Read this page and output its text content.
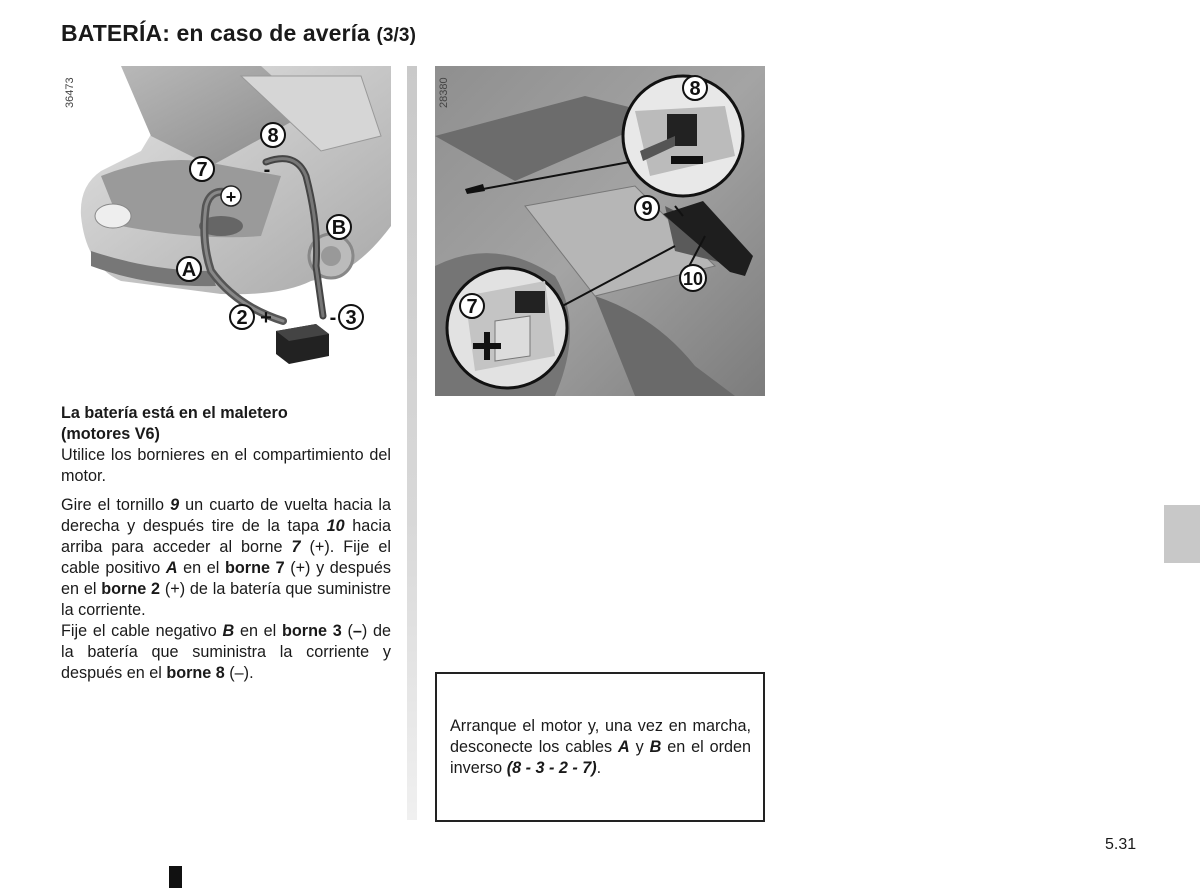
BATERÍA: en caso de avería (3/3)
36473
+
-
7
8
A
B
2 +	- 3
28380	8
9
10
7

La batería está en el maletero
(motores V6)

Utilice los bornieres en el compartimiento del motor.

Gire el tornillo 9 un cuarto de vuelta hacia la derecha y después tire de la tapa 10 hacia arriba para acceder al borne 7 (+). Fije el cable positivo A en el borne 7 (+) y después en el borne 2 (+) de la batería que suministre la corriente.

Fije el cable negativo B en el borne 3 (–) de la batería que suministra la corriente y después en el borne 8 (–).

Arranque el motor y, una vez en marcha, desconecte los cables A y B en el orden inverso (8 - 3 - 2 - 7).
5.31
